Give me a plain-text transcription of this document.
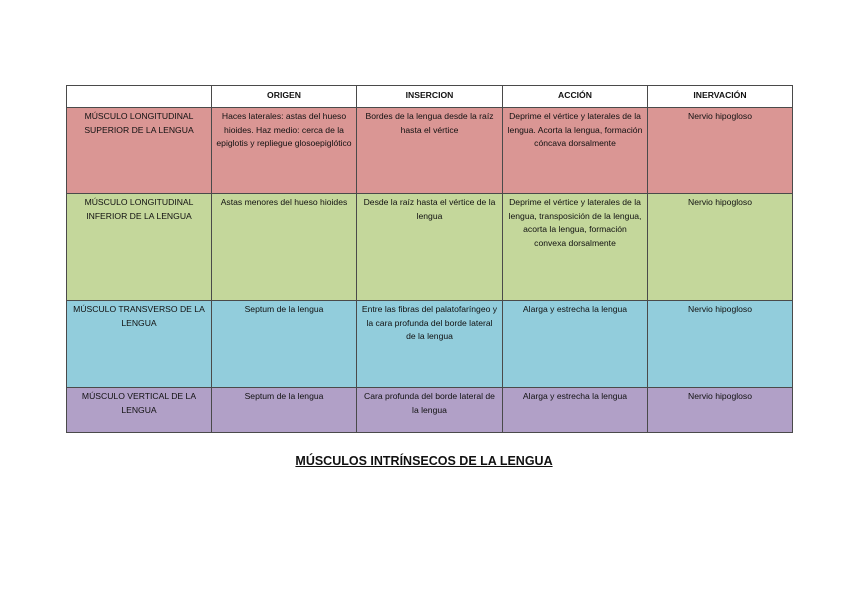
	ORIGEN	INSERCION	ACCIÓN	INERVACIÓN
MÚSCULO LONGITUDINAL SUPERIOR DE LA LENGUA	Haces laterales: astas del hueso hioides. Haz medio: cerca de la epiglotis y repliegue glosoepiglótico	Bordes de la lengua desde la raíz hasta el vértice	Deprime el vértice y laterales de la lengua. Acorta la lengua, formación cóncava dorsalmente	Nervio hipogloso
MÚSCULO LONGITUDINAL INFERIOR DE LA LENGUA	Astas menores del hueso hioides	Desde la raíz hasta el vértice de la lengua	Deprime el vértice y laterales de la lengua, transposición de la lengua, acorta la lengua, formación convexa dorsalmente	Nervio hipogloso
MÚSCULO TRANSVERSO DE LA LENGUA	Septum de la lengua	Entre las fibras del palatofaríngeo y la cara profunda del borde lateral de la lengua	Alarga y estrecha la lengua	Nervio hipogloso
MÚSCULO VERTICAL DE LA LENGUA	Septum de la lengua	Cara profunda del borde lateral de la lengua	Alarga y estrecha la lengua	Nervio hipogloso
MÚSCULOS INTRÍNSECOS DE LA LENGUA
